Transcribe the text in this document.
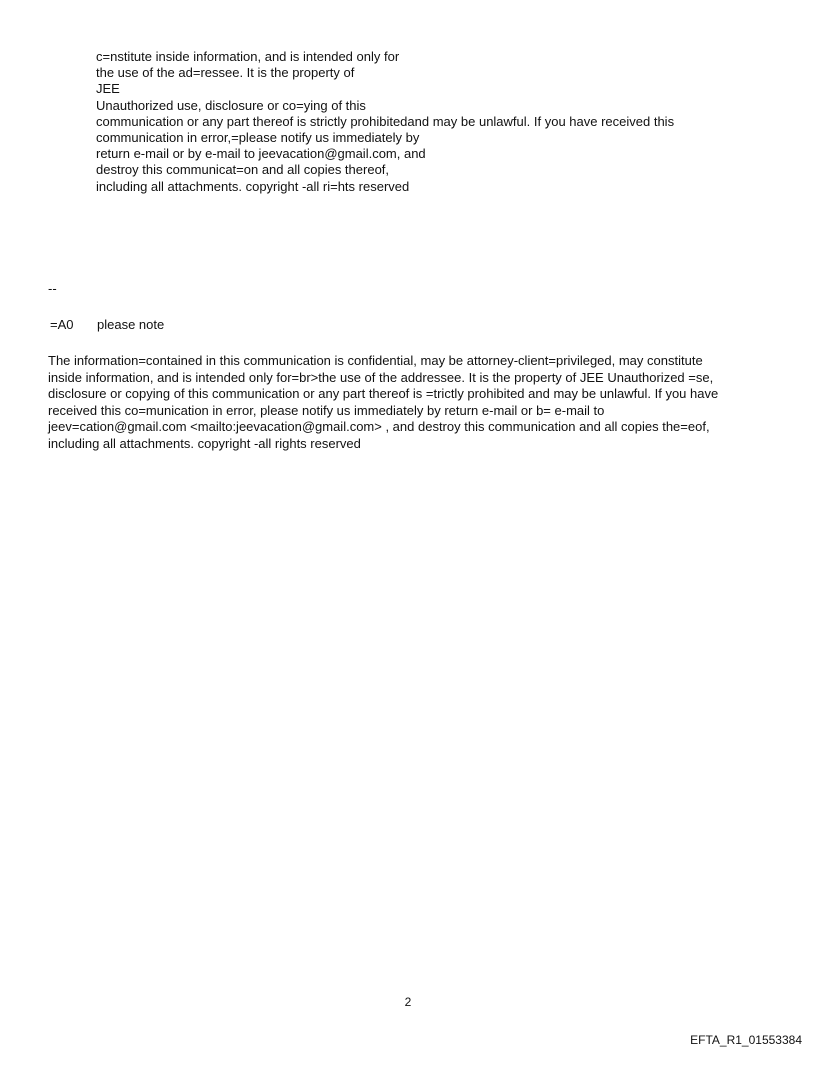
c=nstitute inside information, and is intended only for
the use of the ad=ressee. It is the property of
JEE
Unauthorized use, disclosure or co=ying of this
communication or any part thereof is strictly prohibitedand may be unlawful. If you have received this
communication in error,=please notify us immediately by
return e-mail or by e-mail to jeevacation@gmail.com, and
destroy this communicat=on and all copies thereof,
including all attachments. copyright -all ri=hts reserved
--
=A0 please note
The information=contained in this communication is confidential, may be attorney-client=privileged, may constitute
inside information, and is intended only for=br>the use of the addressee. It is the property of JEE Unauthorized =se,
disclosure or copying of this communication or any part thereof is =trictly prohibited and may be unlawful. If you have
received this co=munication in error, please notify us immediately by return e-mail or b= e-mail to
jeev=cation@gmail.com <mailto:jeevacation@gmail.com> , and destroy this communication and all copies the=eof,
including all attachments. copyright -all rights reserved
2
EFTA_R1_01553384
